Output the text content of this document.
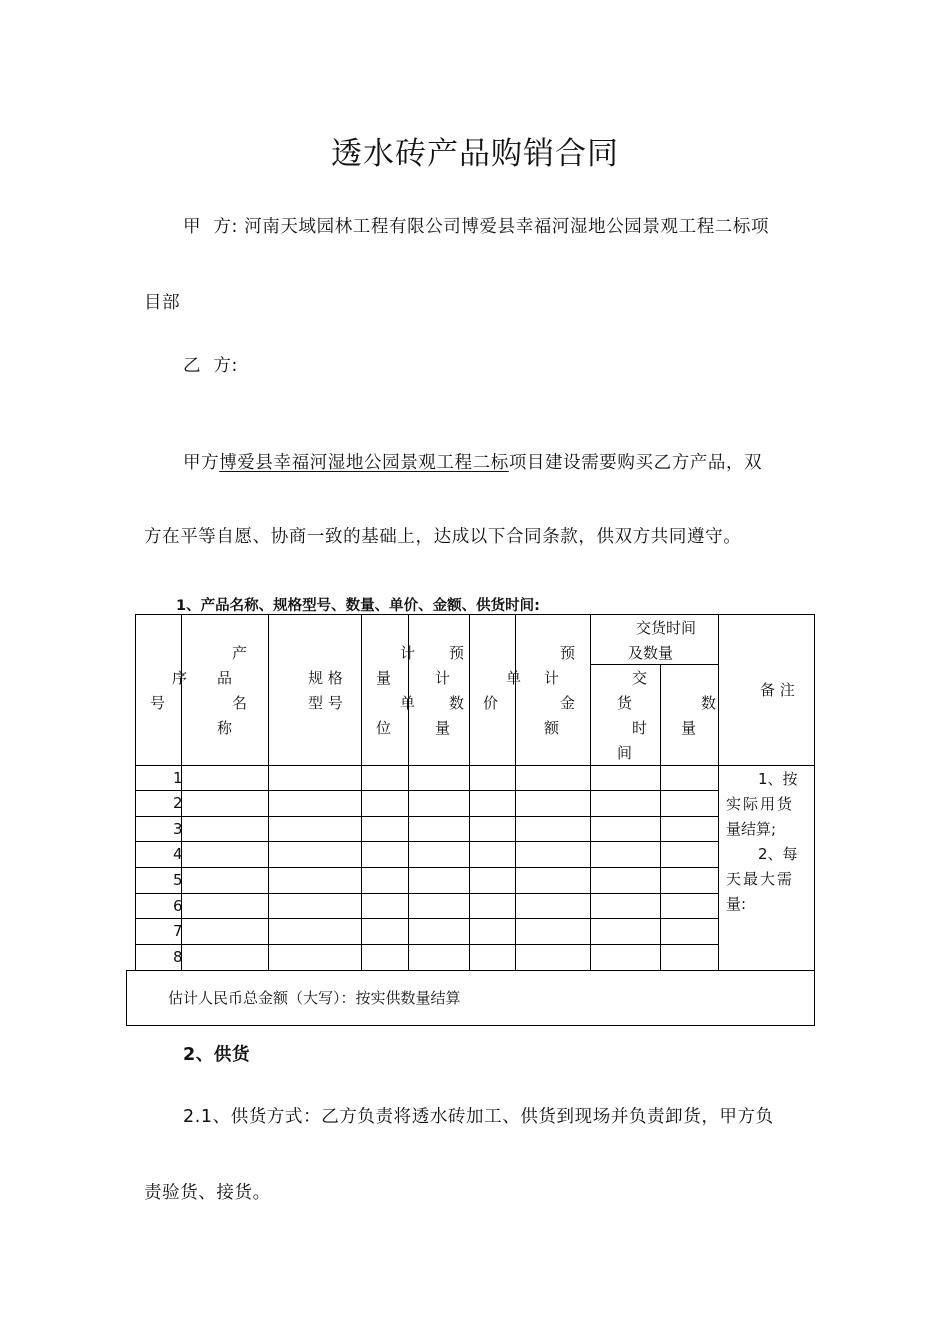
透水砖产品购销合同
甲  方: 河南天域园林工程有限公司博爱县幸福河湿地公园景观工程二标项
目部
乙  方:
甲方博爱县幸福河湿地公园景观工程二标项目建设需要购买乙方产品，双
方在平等自愿、协商一致的基础上，达成以下合同条款，供双方共同遵守。
1、产品名称、规格型号、数量、单价、金额、供货时间:
序
号
产
品
名
称
规 格
型 号
计
量
单
位
预
计
数
量
单
价
预
计
金
额
交货时间
及数量
交
货
时
间
数
量
备 注
1
2
3
4
5
6
7
8
1、按
实际用货
量结算;
2、每
天最大需
量:
估计人民币总金额（大写）：按实供数量结算
2、供货
2.1、供货方式：乙方负责将透水砖加工、供货到现场并负责卸货，甲方负
责验货、接货。
